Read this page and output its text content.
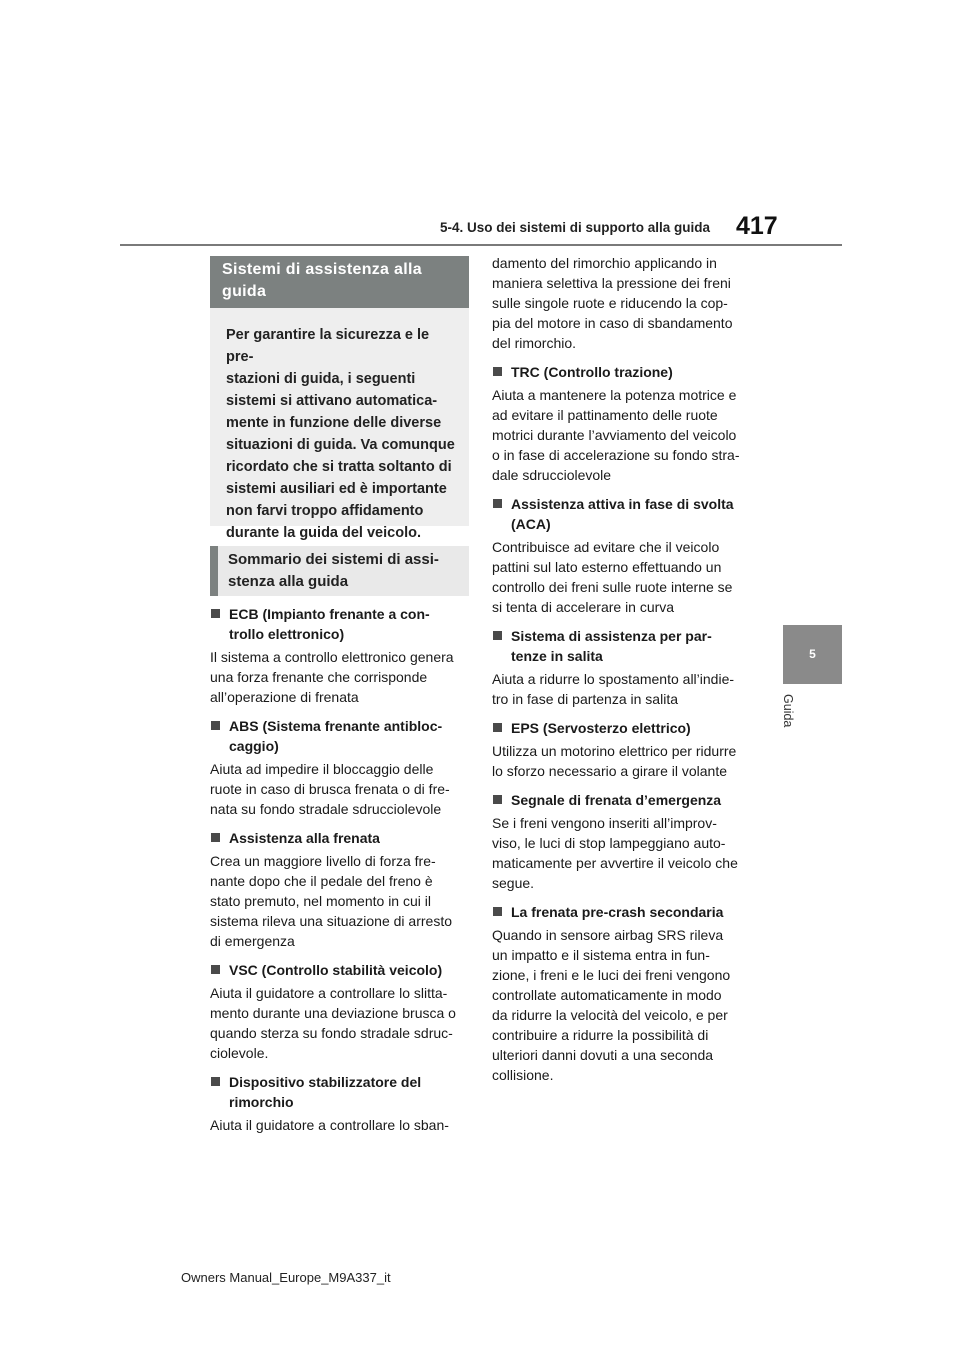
5-4. Uso dei sistemi di supporto alla guida 417
5
Guida
Sistemi di assistenza alla
guida
Per garantire la sicurezza e le pre-
stazioni di guida, i seguenti
sistemi si attivano automatica-
mente in funzione delle diverse
situazioni di guida. Va comunque
ricordato che si tratta soltanto di
sistemi ausiliari ed è importante
non farvi troppo affidamento
durante la guida del veicolo.
Sommario dei sistemi di assi-
stenza alla guida
ECB (Impianto frenante a con-
trollo elettronico)
Il sistema a controllo elettronico genera
una forza frenante che corrisponde
all’operazione di frenata
ABS (Sistema frenante antibloc-
caggio)
Aiuta ad impedire il bloccaggio delle
ruote in caso di brusca frenata o di fre-
nata su fondo stradale sdrucciolevole
Assistenza alla frenata
Crea un maggiore livello di forza fre-
nante dopo che il pedale del freno è
stato premuto, nel momento in cui il
sistema rileva una situazione di arresto
di emergenza
VSC (Controllo stabilità veicolo)
Aiuta il guidatore a controllare lo slitta-
mento durante una deviazione brusca o
quando sterza su fondo stradale sdruc-
ciolevole.
Dispositivo stabilizzatore del
rimorchio
Aiuta il guidatore a controllare lo sban-
damento del rimorchio applicando in
maniera selettiva la pressione dei freni
sulle singole ruote e riducendo la cop-
pia del motore in caso di sbandamento
del rimorchio.
TRC (Controllo trazione)
Aiuta a mantenere la potenza motrice e
ad evitare il pattinamento delle ruote
motrici durante l’avviamento del veicolo
o in fase di accelerazione su fondo stra-
dale sdrucciolevole
Assistenza attiva in fase di svolta
(ACA)
Contribuisce ad evitare che il veicolo
pattini sul lato esterno effettuando un
controllo dei freni sulle ruote interne se
si tenta di accelerare in curva
Sistema di assistenza per par-
tenze in salita
Aiuta a ridurre lo spostamento all’indie-
tro in fase di partenza in salita
EPS (Servosterzo elettrico)
Utilizza un motorino elettrico per ridurre
lo sforzo necessario a girare il volante
Segnale di frenata d’emergenza
Se i freni vengono inseriti all’improv-
viso, le luci di stop lampeggiano auto-
maticamente per avvertire il veicolo che
segue.
La frenata pre-crash secondaria
Quando in sensore airbag SRS rileva
un impatto e il sistema entra in fun-
zione, i freni e le luci dei freni vengono
controllate automaticamente in modo
da ridurre la velocità del veicolo, e per
contribuire a ridurre la possibilità di
ulteriori danni dovuti a una seconda
collisione.
Owners Manual_Europe_M9A337_it
